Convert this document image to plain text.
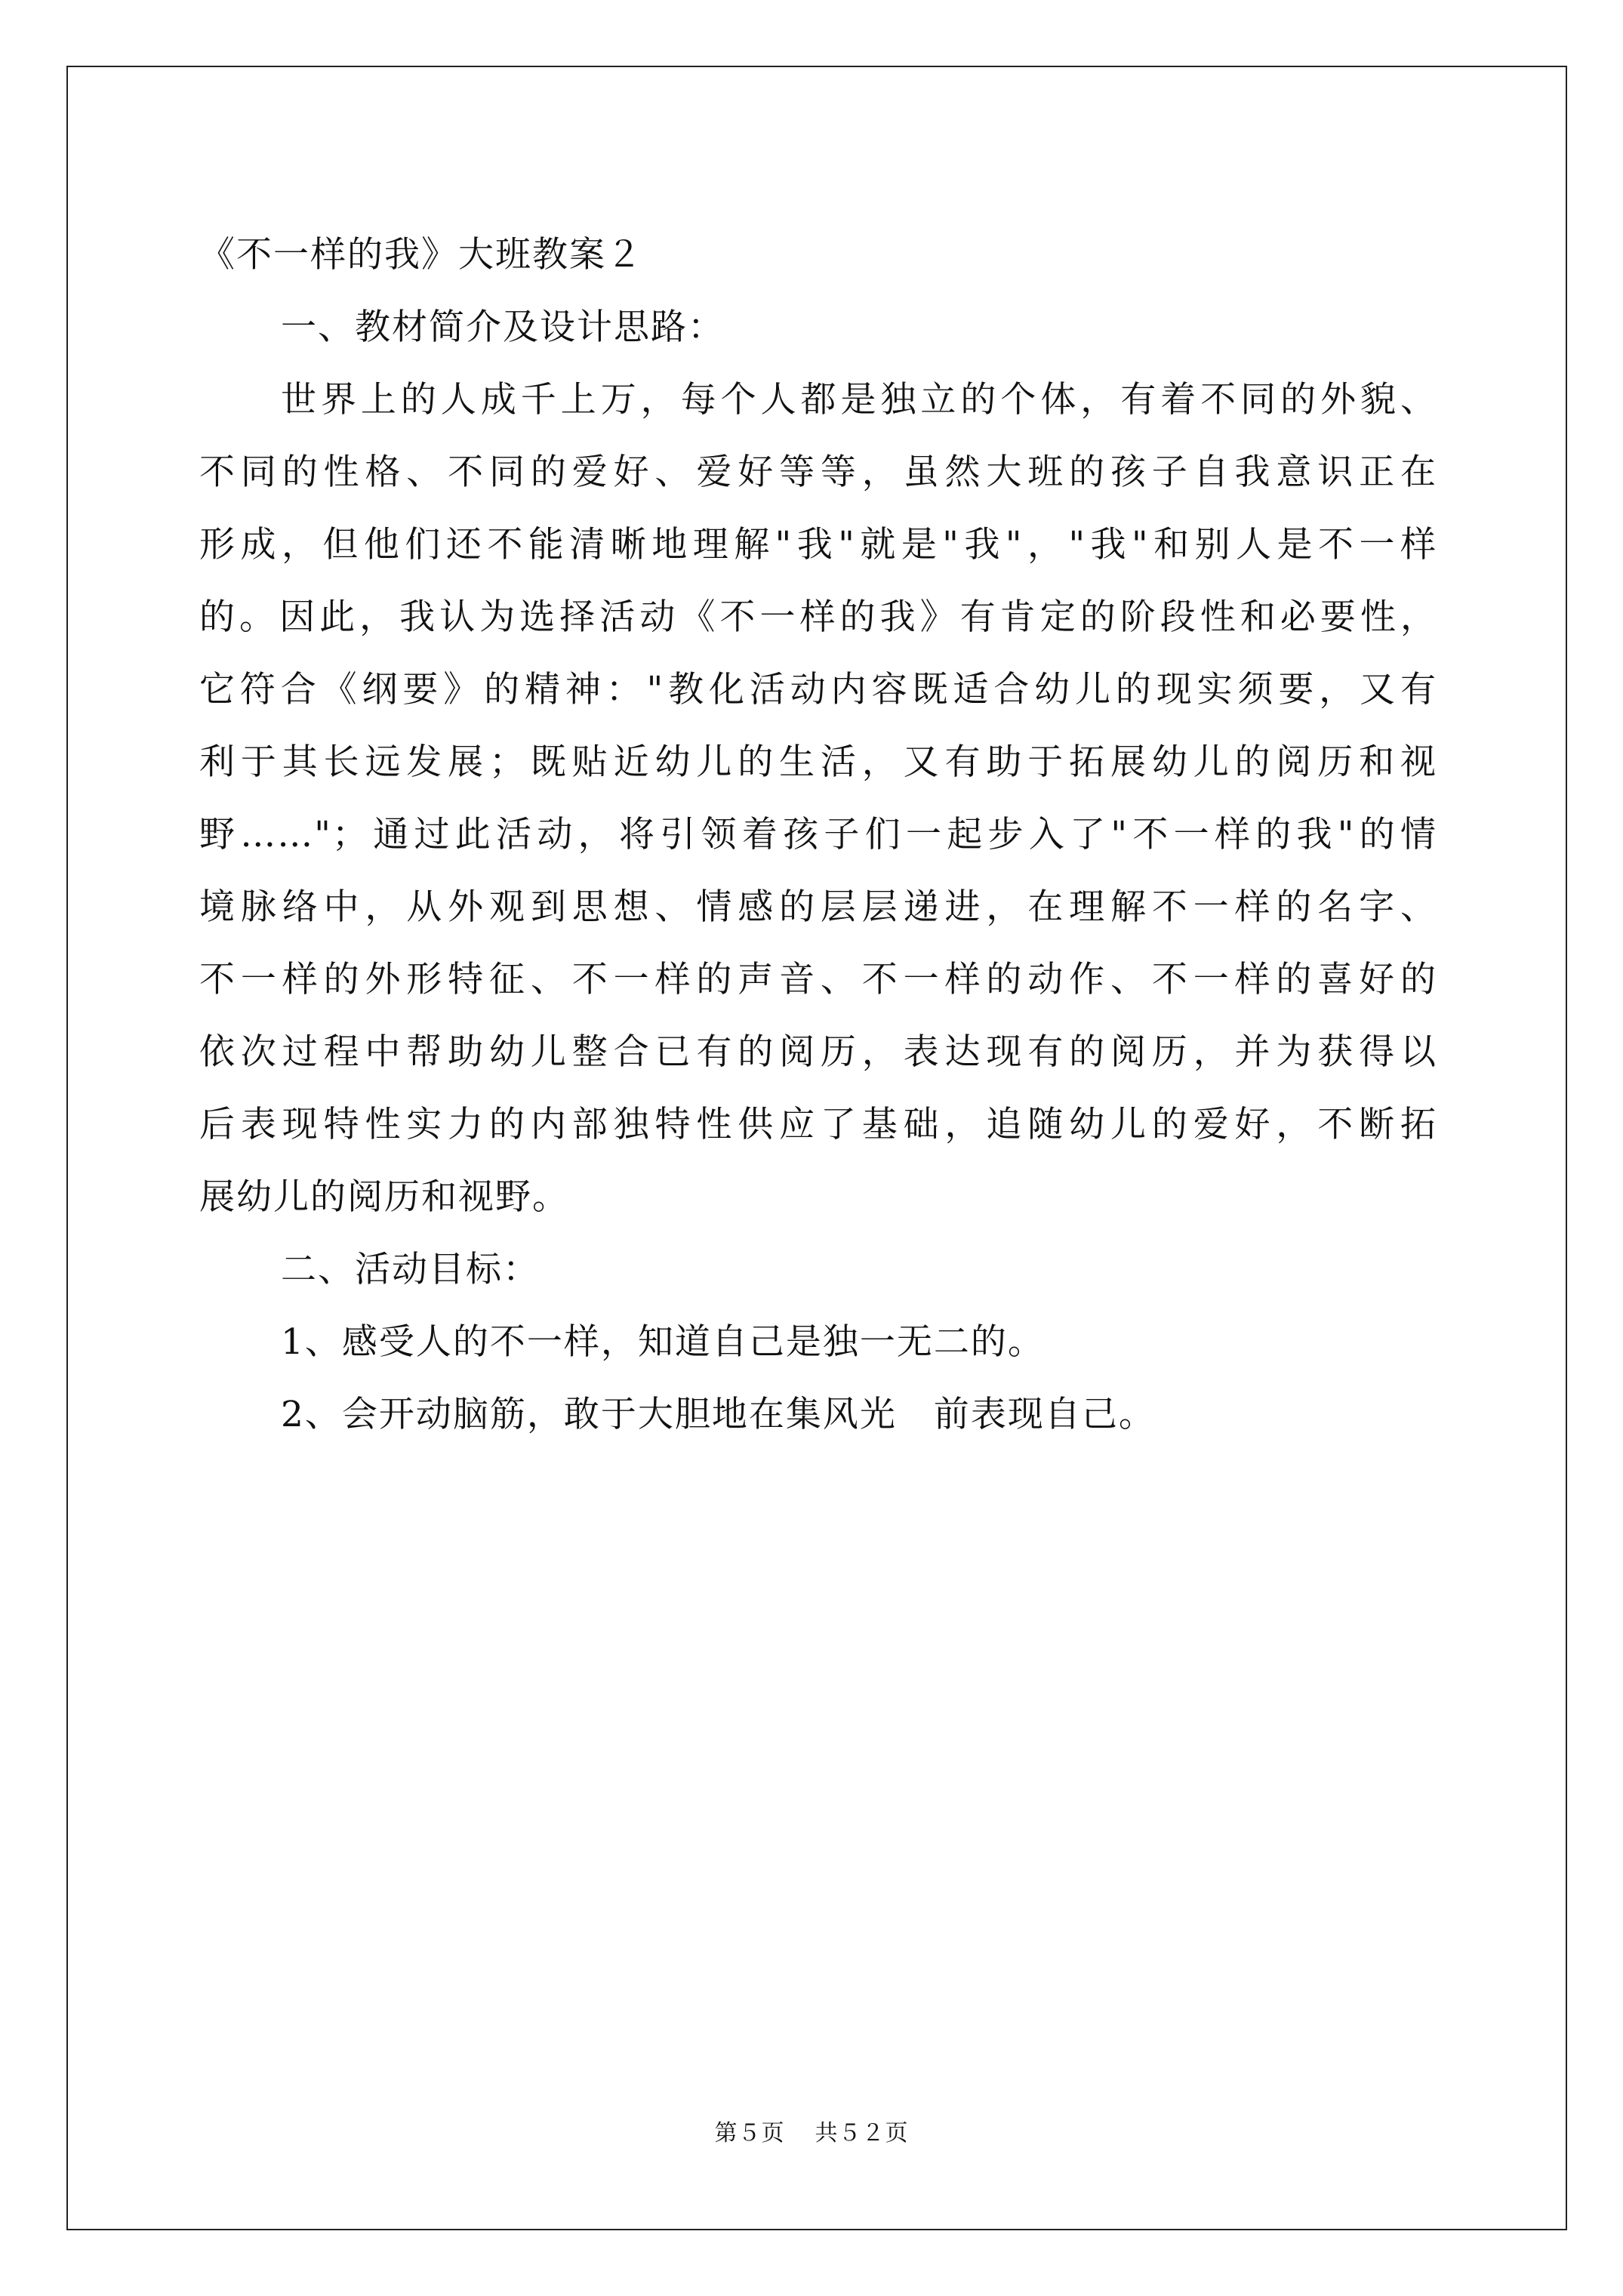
《不一样的我》大班教案２
一、教材简介及设计思路：
世界上的人成千上万，每个人都是独立的个体，有着不同的外貌、
不同的性格、不同的爱好、爱好等等，虽然大班的孩子自我意识正在
形成，但他们还不能清晰地理解"我"就是"我"，"我"和别人是不一样
的。因此，我认为选择活动《不一样的我》有肯定的阶段性和必要性，
它符合《纲要》的精神："教化活动内容既适合幼儿的现实须要，又有
利于其长远发展；既贴近幼儿的生活，又有助于拓展幼儿的阅历和视
野……"；通过此活动，将引领着孩子们一起步入了"不一样的我"的情
境脉络中，从外观到思想、情感的层层递进，在理解不一样的名字、
不一样的外形特征、不一样的声音、不一样的动作、不一样的喜好的
依次过程中帮助幼儿整合已有的阅历，表达现有的阅历，并为获得以
后表现特性实力的内部独特性供应了基础，追随幼儿的爱好，不断拓
展幼儿的阅历和视野。
二、活动目标：
1、感受人的不一样，知道自己是独一无二的。
2、会开动脑筋，敢于大胆地在集风光　前表现自己。
第５页 共５２页
